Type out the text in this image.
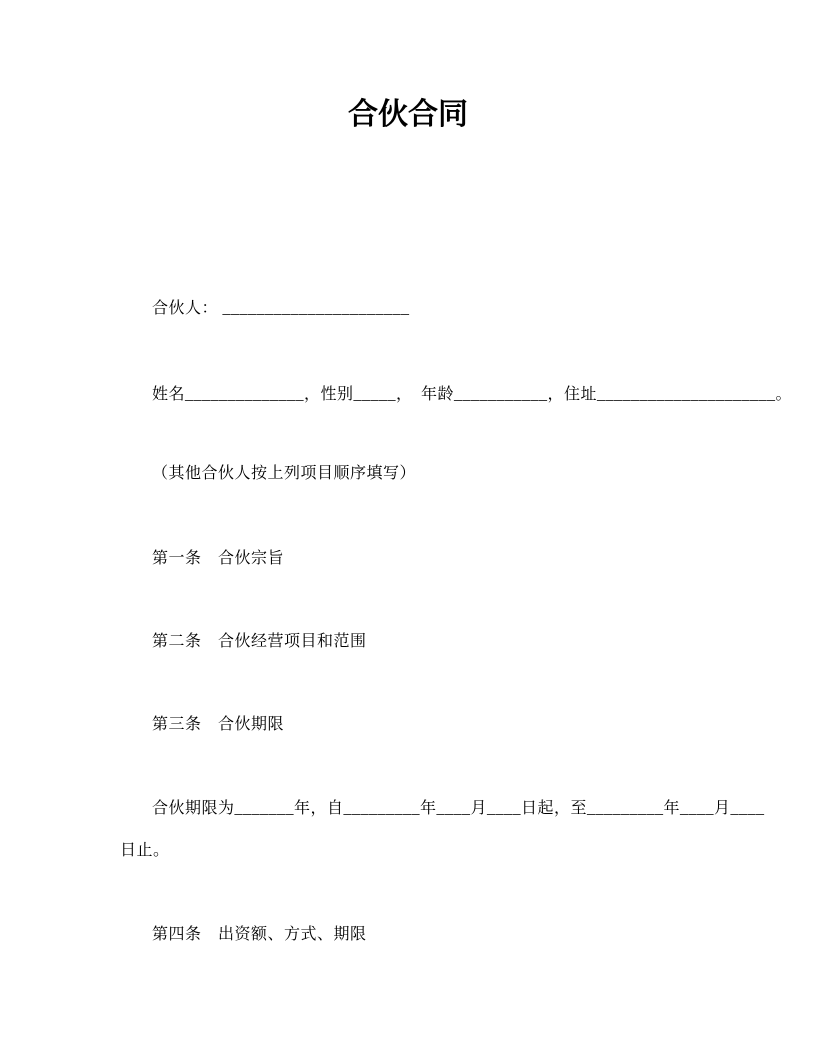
合伙合同
合伙人： ______________________
姓名______________，性别_____，　年龄___________，住址_____________________。
（其他合伙人按上列项目顺序填写）
第一条　合伙宗旨
第二条　合伙经营项目和范围
第三条　合伙期限
合伙期限为_______年，自_________年____月____日起，至_________年____月____
日止。
第四条　出资额、方式、期限
